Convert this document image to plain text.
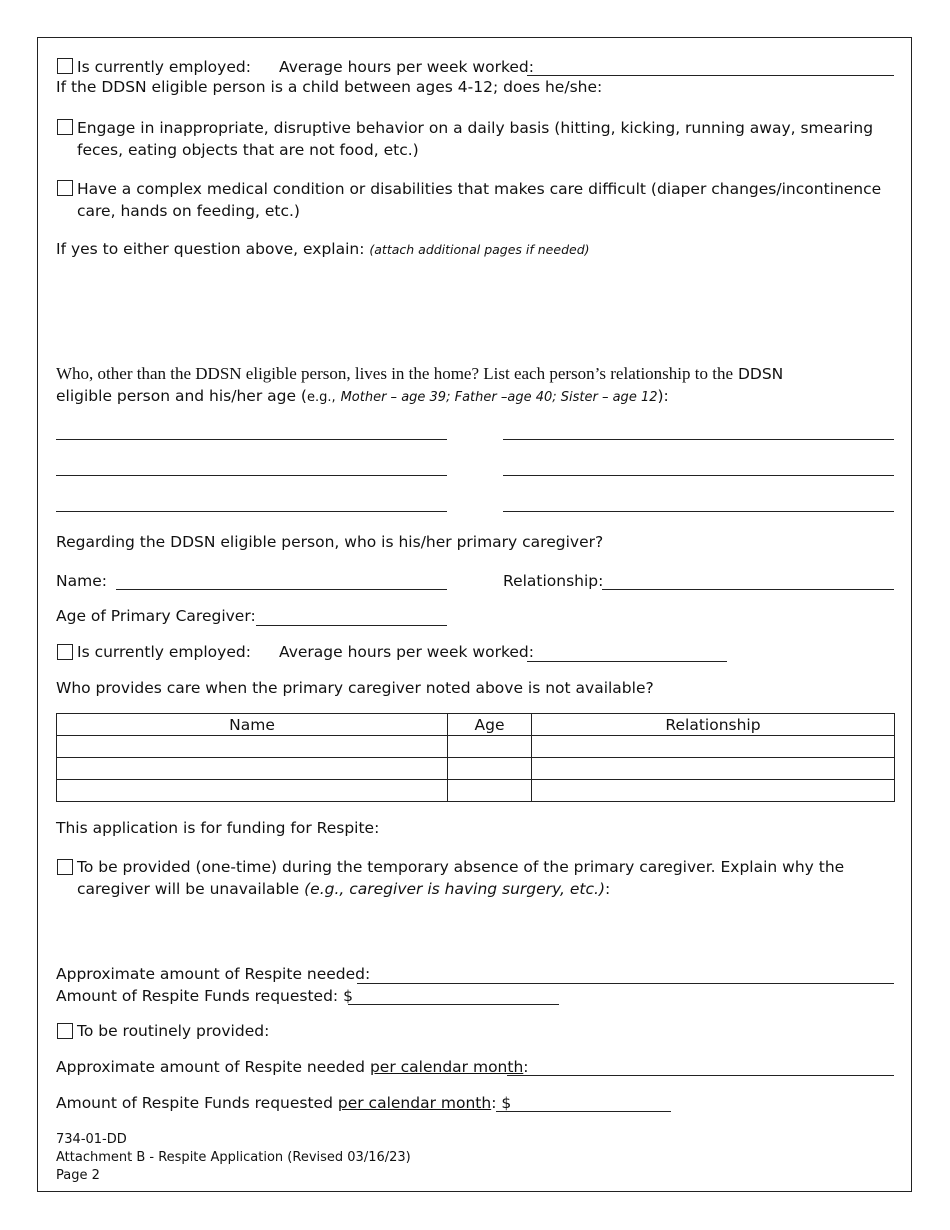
Is currently employed: Average hours per week worked:
If the DDSN eligible person is a child between ages 4-12; does he/she:
Engage in inappropriate, disruptive behavior on a daily basis (hitting, kicking, running away, smearing feces, eating objects that are not food, etc.)
Have a complex medical condition or disabilities that makes care difficult (diaper changes/incontinence care, hands on feeding, etc.)
If yes to either question above, explain: (attach additional pages if needed)
Who, other than the DDSN eligible person, lives in the home? List each person’s relationship to the DDSN
eligible person and his/her age (e.g., Mother – age 39; Father –age 40; Sister – age 12):
Regarding the DDSN eligible person, who is his/her primary caregiver?
Name:	Relationship:
Age of Primary Caregiver:
Is currently employed: Average hours per week worked:
Who provides care when the primary caregiver noted above is not available?
Name	Age	Relationship

This application is for funding for Respite:
To be provided (one-time) during the temporary absence of the primary caregiver. Explain why the caregiver will be unavailable (e.g., caregiver is having surgery, etc.):
Approximate amount of Respite needed:
Amount of Respite Funds requested: $
To be routinely provided:
Approximate amount of Respite needed per calendar month:
Amount of Respite Funds requested per calendar month: $
734-01-DD
Attachment B - Respite Application (Revised 03/16/23)
Page 2
